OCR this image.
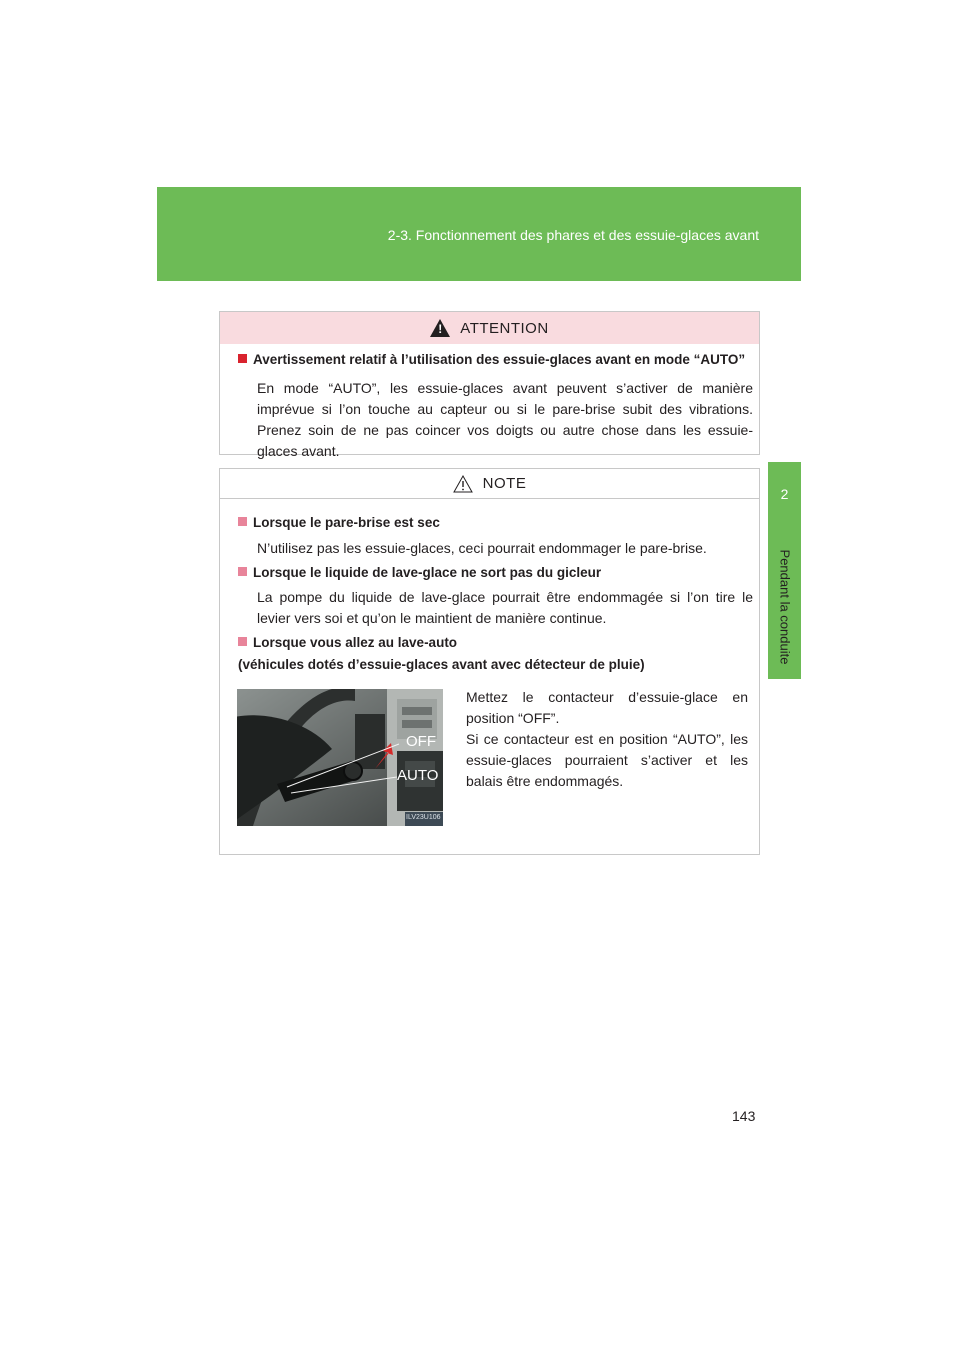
2-3. Fonctionnement des phares et des essuie-glaces avant
2
Pendant la conduite
!
ATTENTION
Avertissement relatif à l’utilisation des essuie-glaces avant en mode “AUTO”
En mode “AUTO”, les essuie-glaces avant peuvent s’activer de manière imprévue si l’on touche au capteur ou si le pare-brise subit des vibrations. Prenez soin de ne pas coincer vos doigts ou autre chose dans les essuie-glaces avant.
NOTE
Lorsque le pare-brise est sec
N’utilisez pas les essuie-glaces, ceci pourrait endommager le pare-brise.
Lorsque le liquide de lave-glace ne sort pas du gicleur
La pompe du liquide de lave-glace pourrait être endommagée si l’on tire le levier vers soi et qu’on le maintient de manière continue.
Lorsque vous allez au lave-auto
(véhicules dotés d’essuie-glaces avant avec détecteur de pluie)
OFF
AUTO
ILV23U106
Mettez le contacteur d’essuie-glace en position “OFF”.
Si ce contacteur est en position “AUTO”, les essuie-glaces pourraient s’activer et les balais être endommagés.
143
